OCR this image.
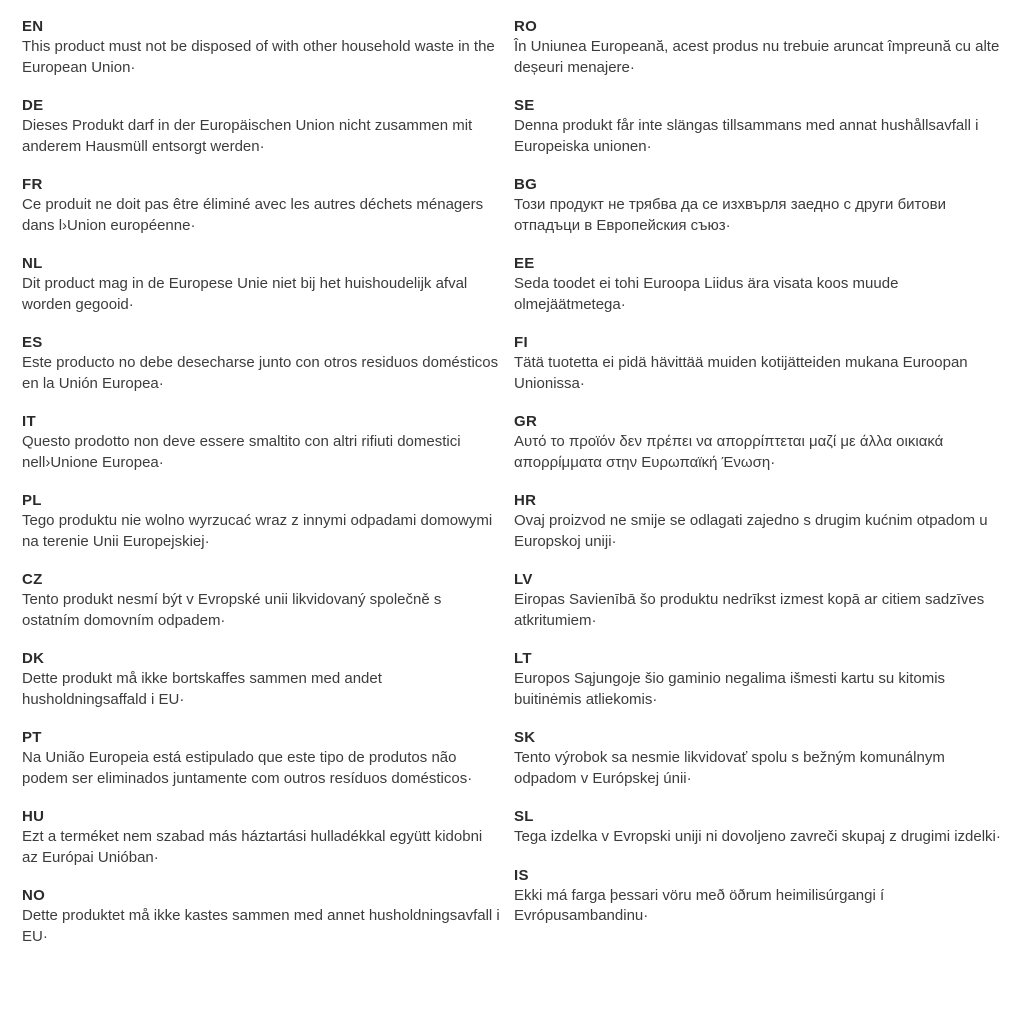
EN
This product must not be disposed of with other household waste in the European Union·
DE
Dieses Produkt darf in der Europäischen Union nicht zusammen mit anderem Hausmüll entsorgt werden·
FR
Ce produit ne doit pas être éliminé avec les autres déchets ménagers dans l›Union européenne·
NL
Dit product mag in de Europese Unie niet bij het huishoudelijk afval worden gegooid·
ES
Este producto no debe desecharse junto con otros residuos domésticos en la Unión Europea·
IT
Questo prodotto non deve essere smaltito con altri rifiuti domestici nell›Unione Europea·
PL
Tego produktu nie wolno wyrzucać wraz z innymi odpadami domowymi na terenie Unii Europejskiej·
CZ
Tento produkt nesmí být v Evropské unii likvidovaný společně s ostatním domovním odpadem·
DK
Dette produkt må ikke bortskaffes sammen med andet husholdningsaffald i EU·
PT
Na União Europeia está estipulado que este tipo de produtos não podem ser eliminados juntamente com outros resíduos domésticos·
HU
Ezt a terméket nem szabad más háztartási hulladékkal együtt kidobni az Európai Unióban·
NO
Dette produktet må ikke kastes sammen med annet husholdningsavfall i EU·
RO
În Uniunea Europeană, acest produs nu trebuie aruncat împreună cu alte deșeuri menajere·
SE
Denna produkt får inte slängas tillsammans med annat hushållsavfall i Europeiska unionen·
BG
Този продукт не трябва да се изхвърля заедно с други битови отпадъци в Европейския съюз·
EE
Seda toodet ei tohi Euroopa Liidus ära visata koos muude olmejäätmetega·
FI
Tätä tuotetta ei pidä hävittää muiden kotijätteiden mukana Euroopan Unionissa·
GR
Αυτό το προϊόν δεν πρέπει να απορρίπτεται μαζί με άλλα οικιακά απορρίμματα στην Ευρωπαϊκή Ένωση·
HR
Ovaj proizvod ne smije se odlagati zajedno s drugim kućnim otpadom u Europskoj uniji·
LV
Eiropas Savienībā šo produktu nedrīkst izmest kopā ar citiem sadzīves atkritumiem·
LT
Europos Sąjungoje šio gaminio negalima išmesti kartu su kitomis buitinėmis atliekomis·
SK
Tento výrobok sa nesmie likvidovať spolu s bežným komunálnym odpadom v Európskej únii·
SL
Tega izdelka v Evropski uniji ni dovoljeno zavreči skupaj z drugimi izdelki·
IS
Ekki má farga þessari vöru með öðrum heimilisúrgangi í Evrópusambandinu·
